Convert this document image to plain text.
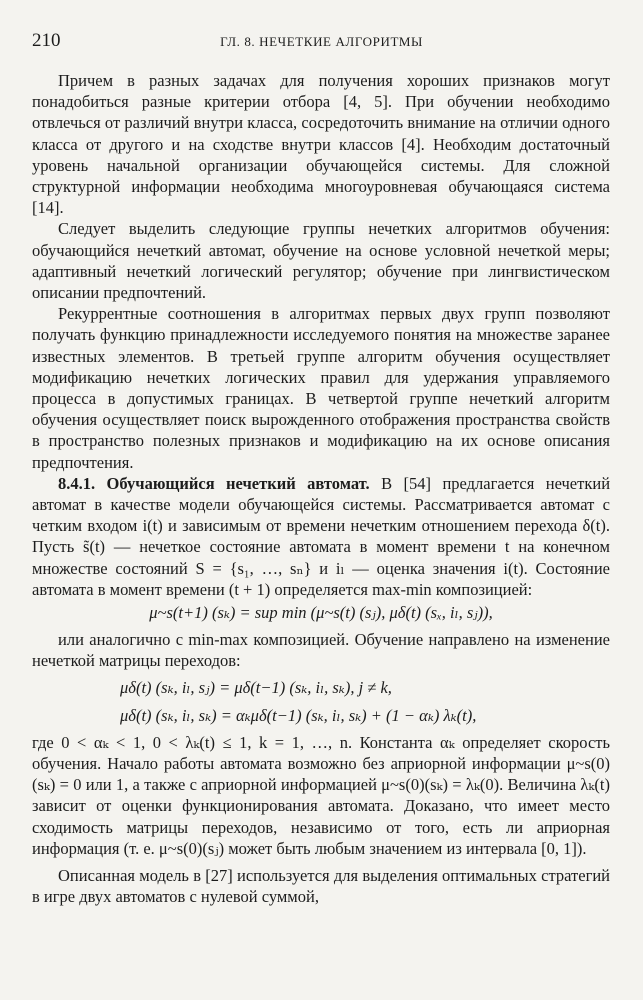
210	ГЛ. 8. НЕЧЕТКИЕ АЛГОРИТМЫ

Причем в разных задачах для получения хороших признаков могут понадобиться разные критерии отбора [4, 5]. При обучении необходимо отвлечься от различий внутри класса, сосредоточить внимание на отличии одного класса от другого и на сходстве внутри классов [4]. Необходим достаточный уровень начальной организации обучающейся системы. Для сложной структурной информации необходима многоуровневая обучающаяся система [14].

Следует выделить следующие группы нечетких алгоритмов обучения: обучающийся нечеткий автомат, обучение на основе условной нечеткой меры; адаптивный нечеткий логический регулятор; обучение при лингвистическом описании предпочтений.

Рекуррентные соотношения в алгоритмах первых двух групп позволяют получать функцию принадлежности исследуемого понятия на множестве заранее известных элементов. В третьей группе алгоритм обучения осуществляет модификацию нечетких логических правил для удержания управляемого процесса в допустимых границах. В четвертой группе нечеткий алгоритм обучения осуществляет поиск вырожденного отображения пространства свойств в пространство полезных признаков и модификацию на их основе описания предпочтения.

8.4.1. Обучающийся нечеткий автомат. В [54] предлагается нечеткий автомат в качестве модели обучающейся системы. Рассматривается автомат с четким входом i(t) и зависимым от времени нечетким отношением перехода δ(t). Пусть s̃(t) — нечеткое состояние автомата в момент времени t на конечном множестве состояний S = {s₁, …, sₙ} и iₗ — оценка значения i(t). Состояние автомата в момент времени (t + 1) определяется max-min композицией:

μ~s(t+1) (sₖ) = sup min (μ~s(t) (sⱼ), μδ(t) (sₓ, iₗ, sⱼ)),

или аналогично с min-max композицией. Обучение направлено на изменение нечеткой матрицы переходов:

μδ(t) (sₖ, iₗ, sⱼ) = μδ(t−1) (sₖ, iₗ, sₖ), j ≠ k,
μδ(t) (sₖ, iₗ, sₖ) = αₖμδ(t−1) (sₖ, iₗ, sₖ) + (1 − αₖ) λₖ(t),

где 0 < αₖ < 1, 0 < λₖ(t) ≤ 1, k = 1, …, n. Константа αₖ определяет скорость обучения. Начало работы автомата возможно без априорной информации μ~s(0)(sₖ) = 0 или 1, а также с априорной информацией μ~s(0)(sₖ) = λₖ(0). Величина λₖ(t) зависит от оценки функционирования автомата. Доказано, что имеет место сходимость матрицы переходов, независимо от того, есть ли априорная информация (т. е. μ~s(0)(sⱼ) может быть любым значением из интервала [0, 1]).

Описанная модель в [27] используется для выделения оптимальных стратегий в игре двух автоматов с нулевой суммой,
